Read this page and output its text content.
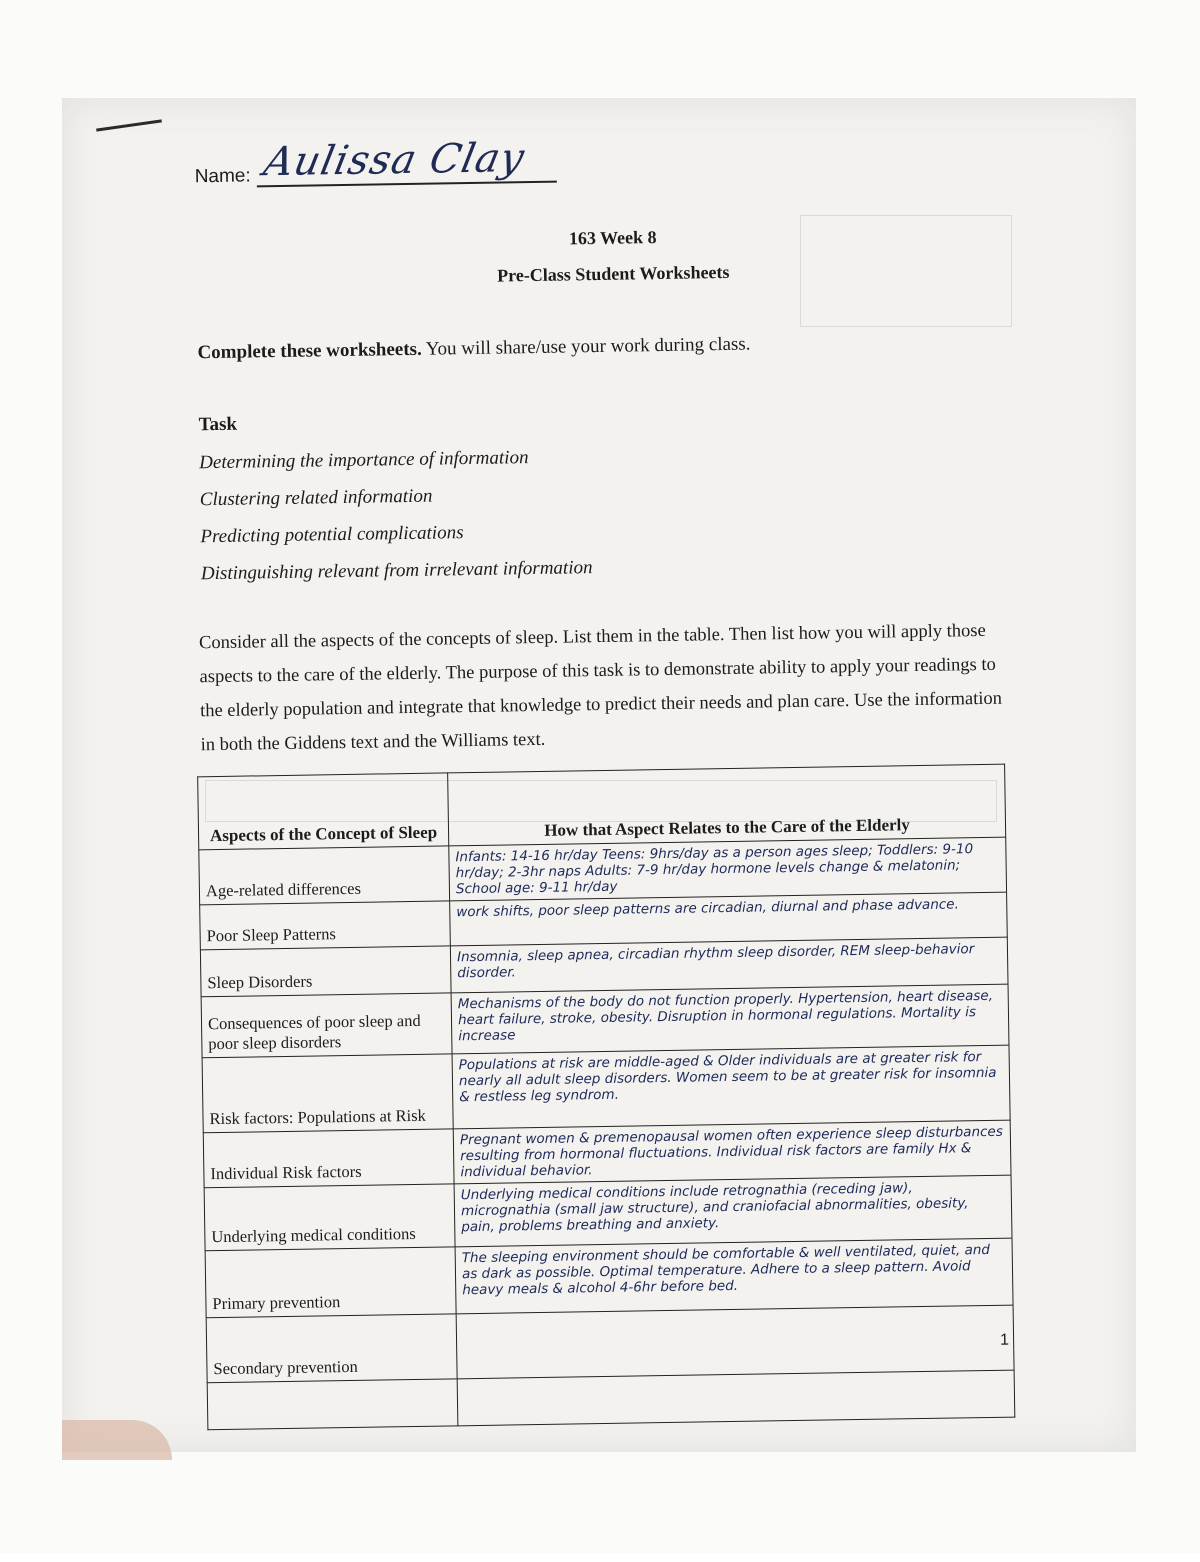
Name: Aulissa Clay
163 Week 8
Pre-Class Student Worksheets
Complete these worksheets. You will share/use your work during class.
Task
Determining the importance of information
Clustering related information
Predicting potential complications
Distinguishing relevant from irrelevant information
Consider all the aspects of the concepts of sleep. List them in the table. Then list how you will apply those aspects to the care of the elderly. The purpose of this task is to demonstrate ability to apply your readings to the elderly population and integrate that knowledge to predict their needs and plan care. Use the information in both the Giddens text and the Williams text.
Aspects of the Concept of Sleep	How that Aspect Relates to the Care of the Elderly
Age-related differences	Infants: 14-16 hr/day Teens: 9hrs/day as a person ages sleep; Toddlers: 9-10 hr/day; 2-3hr naps Adults: 7-9 hr/day hormone levels change & melatonin; School age: 9-11 hr/day
Poor Sleep Patterns	work shifts, poor sleep patterns are circadian, diurnal and phase advance.
Sleep Disorders	Insomnia, sleep apnea, circadian rhythm sleep disorder, REM sleep-behavior disorder.
Consequences of poor sleep and poor sleep disorders	Mechanisms of the body do not function properly. Hypertension, heart disease, heart failure, stroke, obesity. Disruption in hormonal regulations. Mortality is increase
Risk factors: Populations at Risk	Populations at risk are middle-aged & Older individuals are at greater risk for nearly all adult sleep disorders. Women seem to be at greater risk for insomnia & restless leg syndrom.
Individual Risk factors	Pregnant women & premenopausal women often experience sleep disturbances resulting from hormonal fluctuations. Individual risk factors are family Hx & individual behavior.
Underlying medical conditions	Underlying medical conditions include retrognathia (receding jaw), micrognathia (small jaw structure), and craniofacial abnormalities, obesity, pain, problems breathing and anxiety.
Primary prevention	The sleeping environment should be comfortable & well ventilated, quiet, and as dark as possible. Optimal temperature. Adhere to a sleep pattern. Avoid heavy meals & alcohol 4-6hr before bed.
Secondary prevention	

1
